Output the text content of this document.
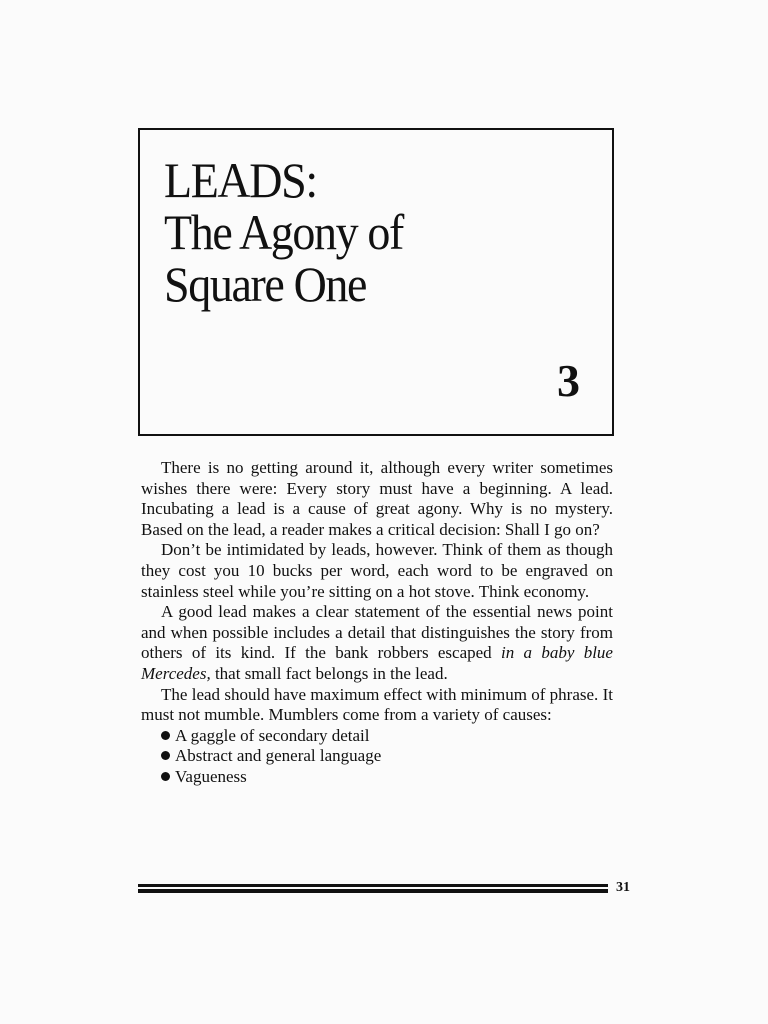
LEADS:
The Agony of
Square One
3

There is no getting around it, although every writer sometimes wishes there were: Every story must have a beginning. A lead. Incubating a lead is a cause of great agony. Why is no mystery. Based on the lead, a reader makes a critical decision: Shall I go on?

Don’t be intimidated by leads, however. Think of them as though they cost you 10 bucks per word, each word to be engraved on stainless steel while you’re sitting on a hot stove. Think economy.

A good lead makes a clear statement of the essential news point and when possible includes a detail that distinguishes the story from others of its kind. If the bank robbers escaped in a baby blue Mercedes, that small fact belongs in the lead.

The lead should have maximum effect with minimum of phrase. It must not mumble. Mumblers come from a variety of causes:

A gaggle of secondary detail
Abstract and general language
Vagueness
31
